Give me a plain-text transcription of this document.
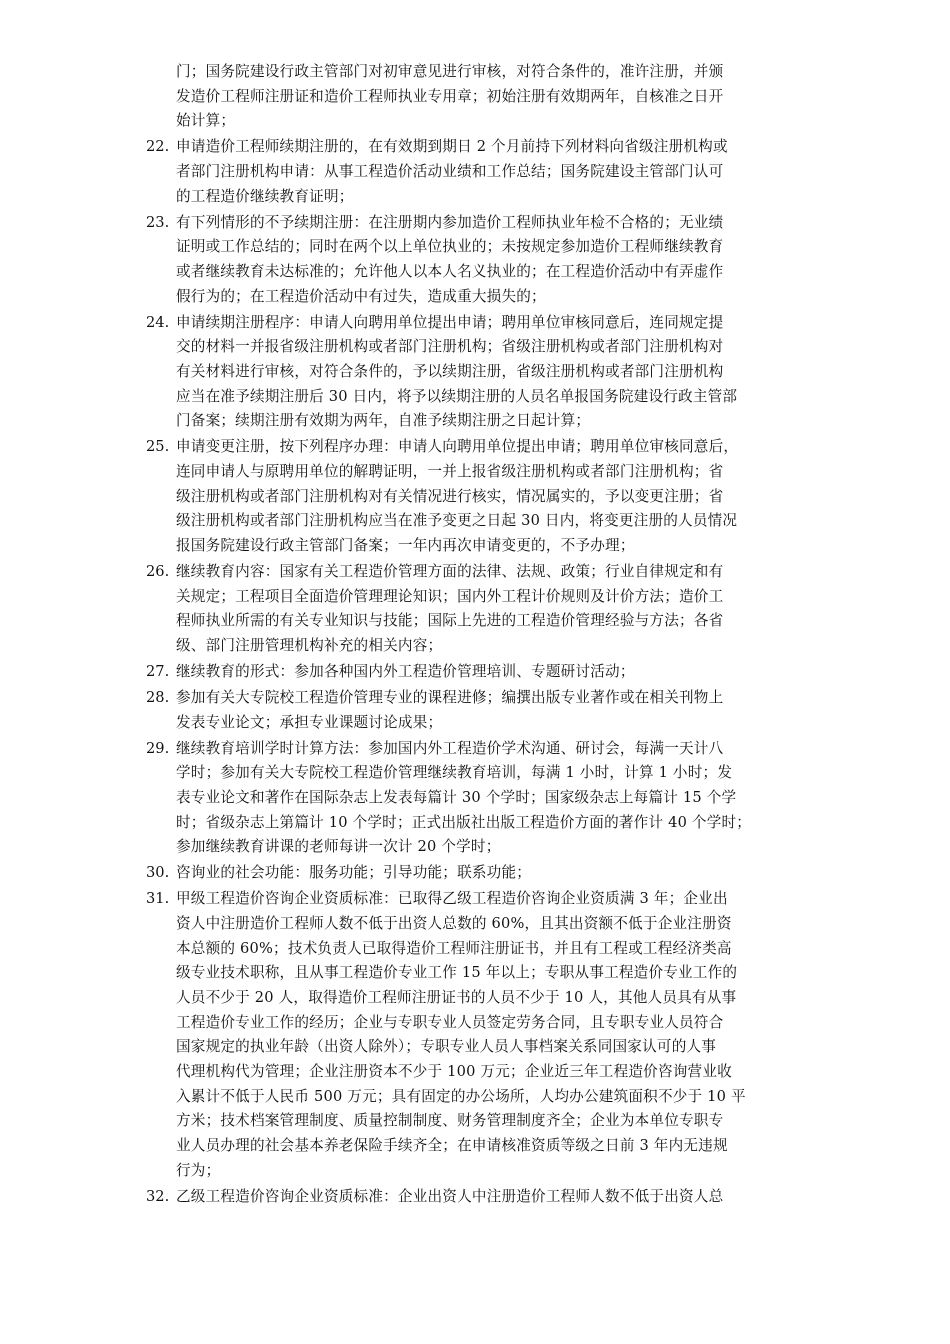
门；国务院建设行政主管部门对初审意见进行审核，对符合条件的，准许注册，并颁
发造价工程师注册证和造价工程师执业专用章；初始注册有效期两年，自核准之日开
始计算；
22. 申请造价工程师续期注册的，在有效期到期日 2 个月前持下列材料向省级注册机构或
者部门注册机构申请：从事工程造价活动业绩和工作总结；国务院建设主管部门认可
的工程造价继续教育证明；
23. 有下列情形的不予续期注册：在注册期内参加造价工程师执业年检不合格的；无业绩
证明或工作总结的；同时在两个以上单位执业的；未按规定参加造价工程师继续教育
或者继续教育未达标准的；允许他人以本人名义执业的；在工程造价活动中有弄虚作
假行为的；在工程造价活动中有过失，造成重大损失的；
24. 申请续期注册程序：申请人向聘用单位提出申请；聘用单位审核同意后，连同规定提
交的材料一并报省级注册机构或者部门注册机构；省级注册机构或者部门注册机构对
有关材料进行审核，对符合条件的，予以续期注册，省级注册机构或者部门注册机构
应当在准予续期注册后 30 日内，将予以续期注册的人员名单报国务院建设行政主管部
门备案；续期注册有效期为两年，自准予续期注册之日起计算；
25. 申请变更注册，按下列程序办理：申请人向聘用单位提出申请；聘用单位审核同意后，
连同申请人与原聘用单位的解聘证明，一并上报省级注册机构或者部门注册机构；省
级注册机构或者部门注册机构对有关情况进行核实，情况属实的，予以变更注册；省
级注册机构或者部门注册机构应当在准予变更之日起 30 日内，将变更注册的人员情况
报国务院建设行政主管部门备案；一年内再次申请变更的，不予办理；
26. 继续教育内容：国家有关工程造价管理方面的法律、法规、政策；行业自律规定和有
关规定；工程项目全面造价管理理论知识；国内外工程计价规则及计价方法；造价工
程师执业所需的有关专业知识与技能；国际上先进的工程造价管理经验与方法；各省
级、部门注册管理机构补充的相关内容；
27. 继续教育的形式：参加各种国内外工程造价管理培训、专题研讨活动；
28. 参加有关大专院校工程造价管理专业的课程进修；编撰出版专业著作或在相关刊物上
发表专业论文；承担专业课题讨论成果；
29. 继续教育培训学时计算方法：参加国内外工程造价学术沟通、研讨会，每满一天计八
学时；参加有关大专院校工程造价管理继续教育培训，每满 1 小时，计算 1 小时；发
表专业论文和著作在国际杂志上发表每篇计 30 个学时；国家级杂志上每篇计 15 个学
时；省级杂志上第篇计 10 个学时；正式出版社出版工程造价方面的著作计 40 个学时；
参加继续教育讲课的老师每讲一次计 20 个学时；
30. 咨询业的社会功能：服务功能；引导功能；联系功能；
31. 甲级工程造价咨询企业资质标准：已取得乙级工程造价咨询企业资质满 3 年；企业出
资人中注册造价工程师人数不低于出资人总数的 60%，且其出资额不低于企业注册资
本总额的 60%；技术负责人已取得造价工程师注册证书，并且有工程或工程经济类高
级专业技术职称，且从事工程造价专业工作 15 年以上；专职从事工程造价专业工作的
人员不少于 20 人，取得造价工程师注册证书的人员不少于 10 人，其他人员具有从事
工程造价专业工作的经历；企业与专职专业人员签定劳务合同，且专职专业人员符合
国家规定的执业年龄（出资人除外）；专职专业人员人事档案关系同国家认可的人事
代理机构代为管理；企业注册资本不少于 100 万元；企业近三年工程造价咨询营业收
入累计不低于人民币 500 万元；具有固定的办公场所，人均办公建筑面积不少于 10 平
方米；技术档案管理制度、质量控制制度、财务管理制度齐全；企业为本单位专职专
业人员办理的社会基本养老保险手续齐全；在申请核准资质等级之日前 3 年内无违规
行为；
32. 乙级工程造价咨询企业资质标准：企业出资人中注册造价工程师人数不低于出资人总
